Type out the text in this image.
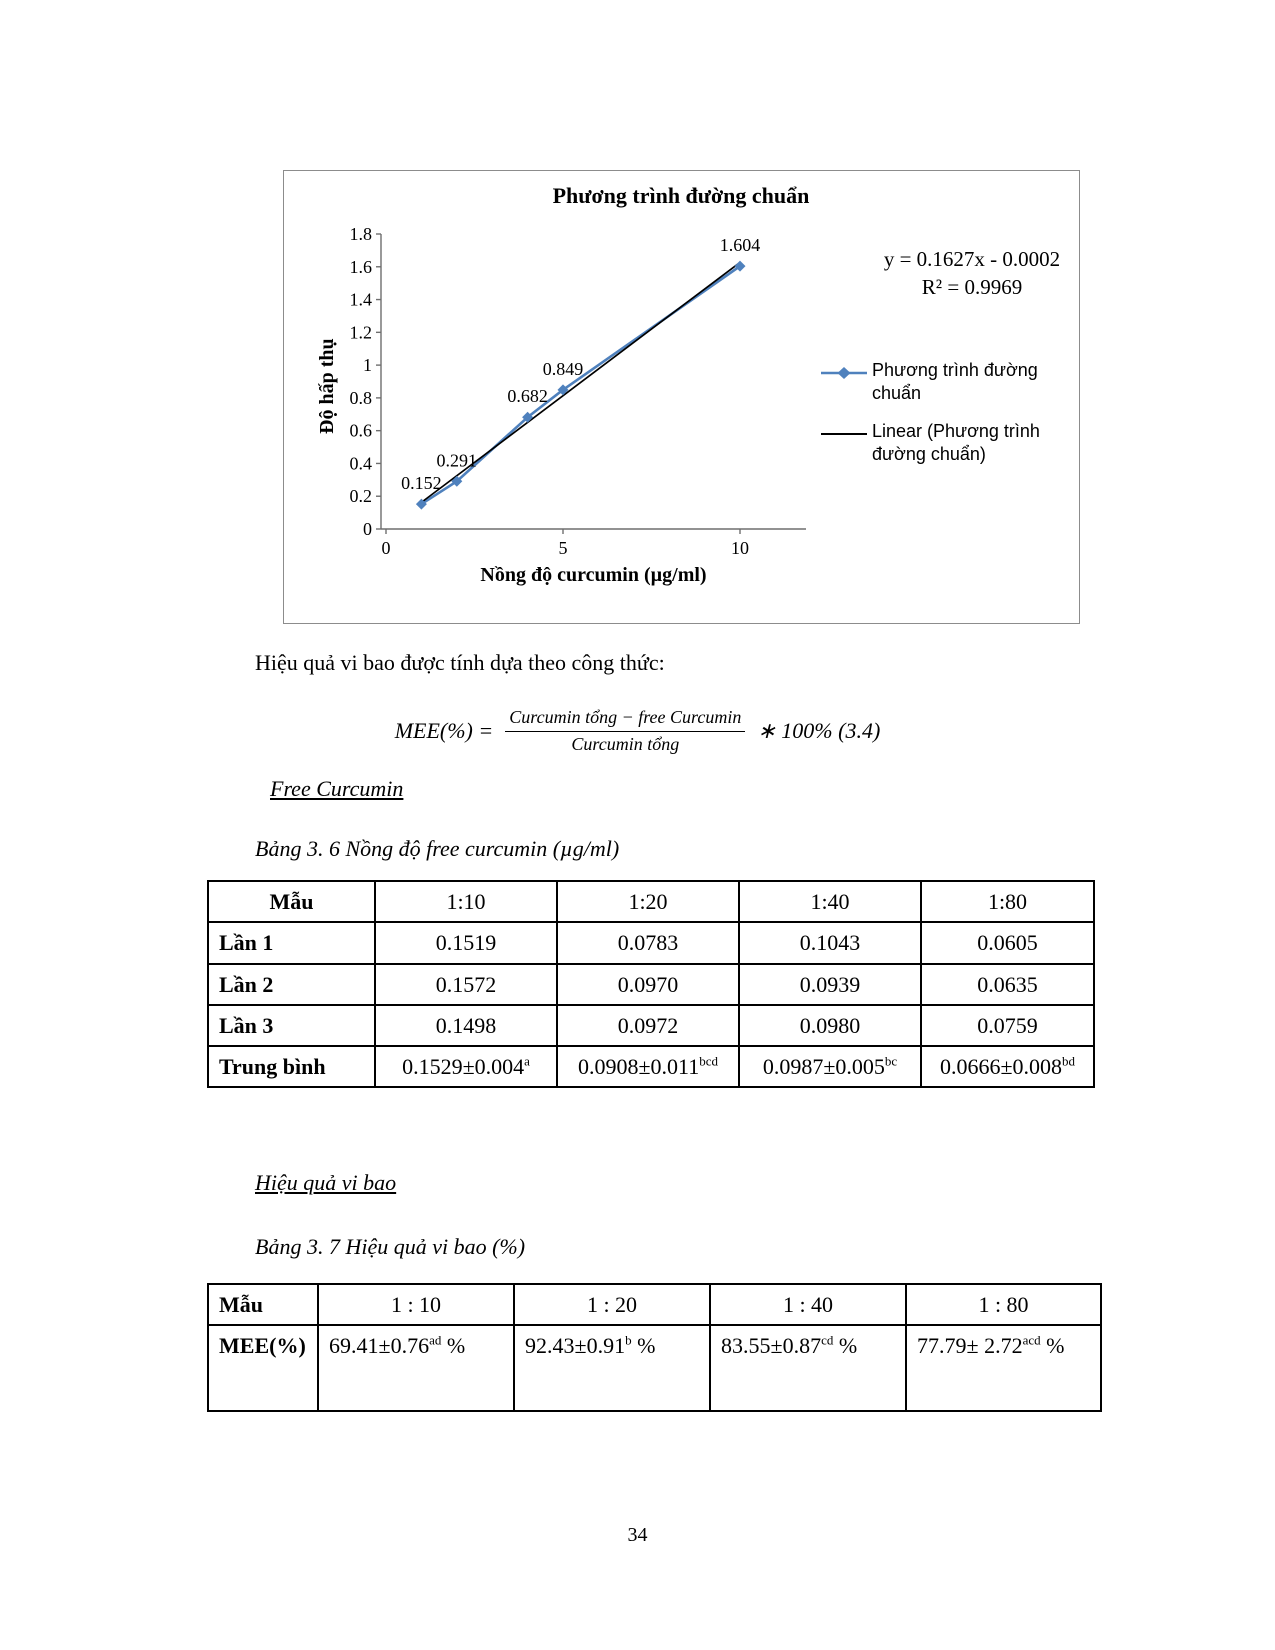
0
0.2
0.4
0.6
0.8
1
1.2
1.4
1.6
1.8
0	5	10
0.152
0.291
0.682
0.849
1.604
Phương trình đường chuẩn
y = 0.1627x - 0.0002
R² = 0.9969
Độ hấp thụ
Nồng độ curcumin (µg/ml)
Phương trình đường chuẩn
Linear (Phương trình đường chuẩn)
Hiệu quả vi bao được tính dựa theo công thức:
$MEE(\%) = \frac{\text{Curcumin tổng − free Curcumin}}{\text{Curcumin tổng}}$ ∗ 100% (3.4)
Free Curcumin
Bảng 3. 6 Nồng độ free curcumin (µg/ml)
Mẫu	1:10	1:20	1:40	1:80
Lần 1	0.1519	0.0783	0.1043	0.0605
Lần 2	0.1572	0.0970	0.0939	0.0635
Lần 3	0.1498	0.0972	0.0980	0.0759
Trung bình	0.1529±0.004$^a$	0.0908±0.011$^{bcd}$	0.0987±0.005$^{bc}$	0.0666±0.008$^{bd}$
Hiệu quả vi bao
Bảng 3. 7 Hiệu quả vi bao (%)
Mẫu	1 : 10	1 : 20	1 : 40	1 : 80
MEE(%)	69.41±0.76$^{ad}$ %	92.43±0.91$^b$ %	83.55±0.87$^{cd}$ %	77.79± 2.72$^{acd}$ %
34
